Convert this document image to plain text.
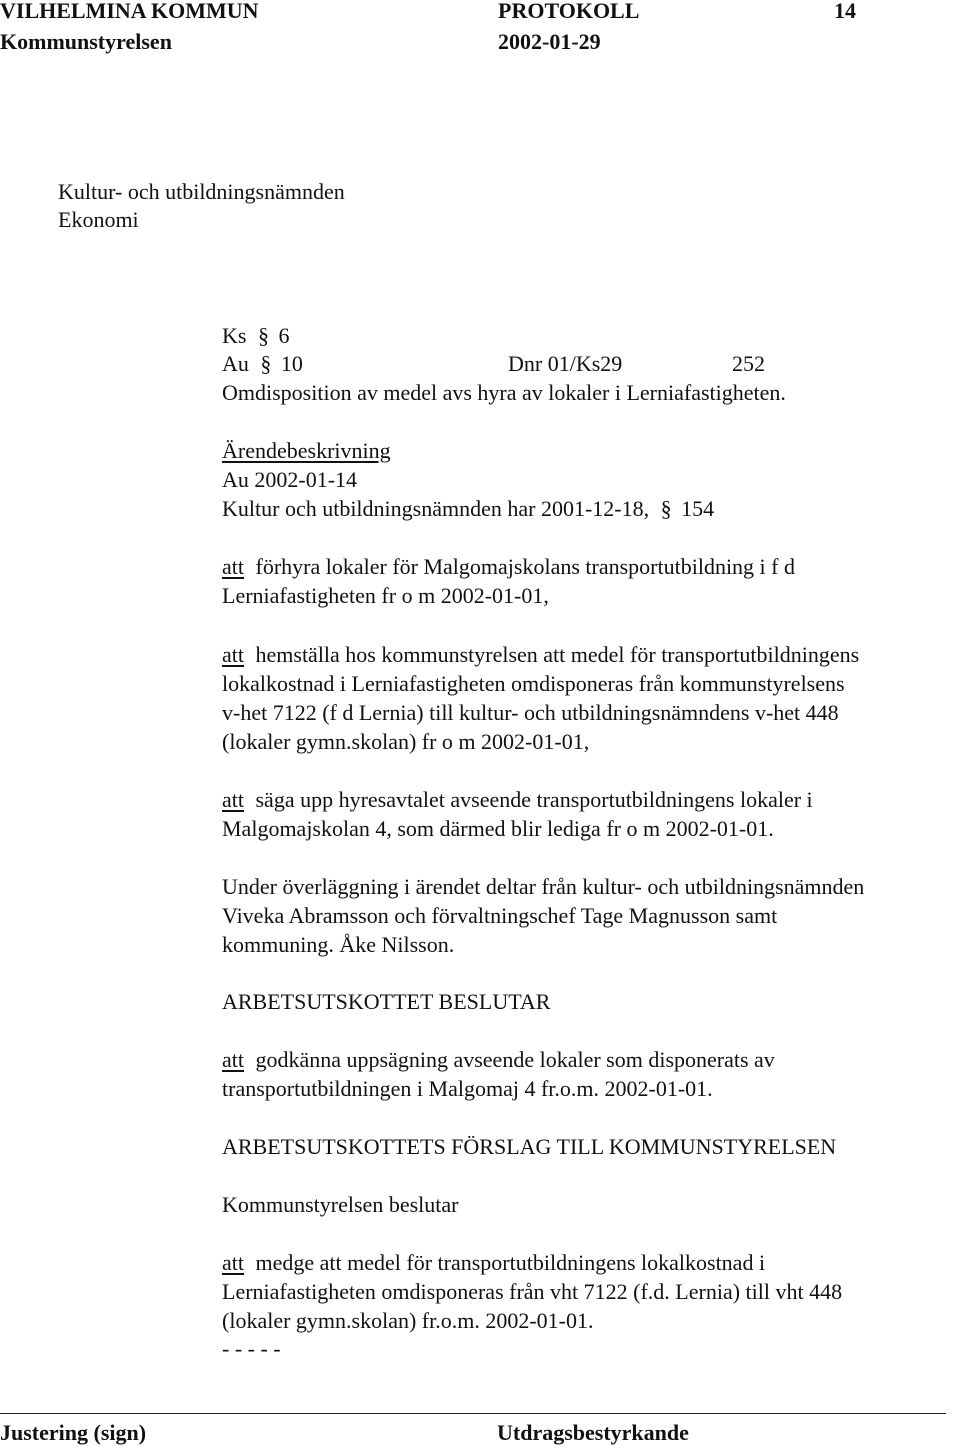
VILHELMINA KOMMUN	PROTOKOLL	14
Kommunstyrelsen	2002-01-29
Kultur- och utbildningsnämnden
Ekonomi
Ks § 6
Au § 10	Dnr 01/Ks29	252
Omdisposition av medel avs hyra av lokaler i Lerniafastigheten.
Ärendebeskrivning
Au 2002-01-14
Kultur och utbildningsnämnden har 2001-12-18, § 154
att förhyra lokaler för Malgomajskolans transportutbildning i f d
Lerniafastigheten fr o m 2002-01-01,
att hemställa hos kommunstyrelsen att medel för transportutbildningens
lokalkostnad i Lerniafastigheten omdisponeras från kommunstyrelsens
v-het 7122 (f d Lernia) till kultur- och utbildningsnämndens v-het 448
(lokaler gymn.skolan) fr o m 2002-01-01,
att säga upp hyresavtalet avseende transportutbildningens lokaler i
Malgomajskolan 4, som därmed blir lediga fr o m 2002-01-01.
Under överläggning i ärendet deltar från kultur- och utbildningsnämnden
Viveka Abramsson och förvaltningschef Tage Magnusson samt
kommuning. Åke Nilsson.
ARBETSUTSKOTTET BESLUTAR
att godkänna uppsägning avseende lokaler som disponerats av
transportutbildningen i Malgomaj 4 fr.o.m. 2002-01-01.
ARBETSUTSKOTTETS FÖRSLAG TILL KOMMUNSTYRELSEN
Kommunstyrelsen beslutar
att medge att medel för transportutbildningens lokalkostnad i
Lerniafastigheten omdisponeras från vht 7122 (f.d. Lernia) till vht 448
(lokaler gymn.skolan) fr.o.m. 2002-01-01.
- - - - -
Justering (sign)	Utdragsbestyrkande
